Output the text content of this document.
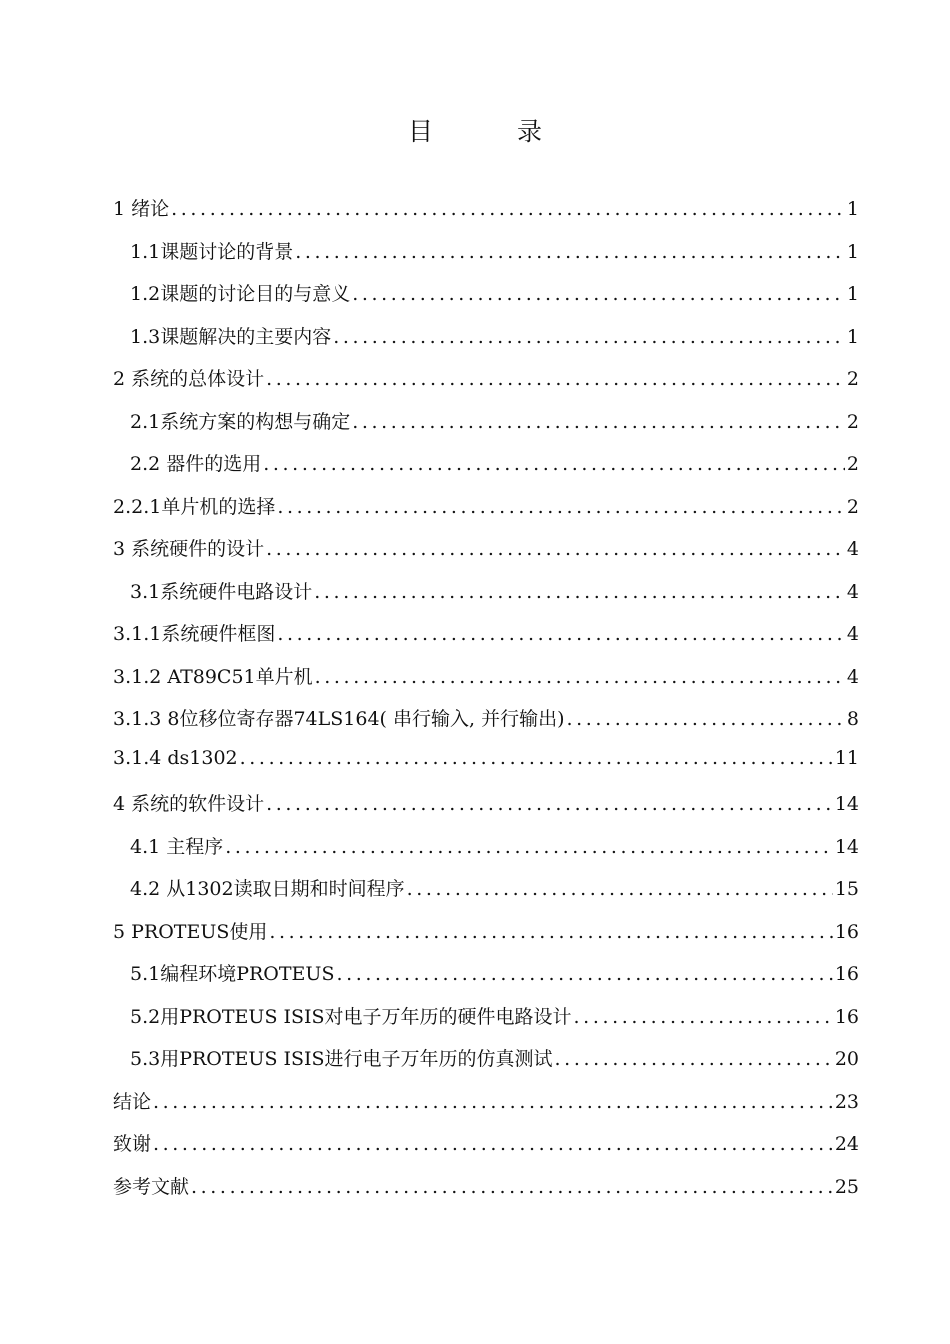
目	录
1 绪论 .....	1
1.1课题讨论的背景 .....	1
1.2课题的讨论目的与意义 .....	1
1.3课题解决的主要内容 .....	1
2 系统的总体设计 .....	2
2.1系统方案的构想与确定 .....	2
2.2 器件的选用 .....	2
2.2.1单片机的选择 .....	2
3 系统硬件的设计 .....	4
3.1系统硬件电路设计 .....	4
3.1.1系统硬件框图 .....	4
3.1.2 AT89C51单片机 .....	4
3.1.3 8位移位寄存器74LS164( 串行输入, 并行输出) .....	8
3.1.4 ds1302 .....	11
4 系统的软件设计 .....	14
4.1 主程序 .....	14
4.2 从1302读取日期和时间程序 .....	15
5 PROTEUS使用 .....	16
5.1编程环境PROTEUS .....	16
5.2用PROTEUS ISIS对电子万年历的硬件电路设计 .....	16
5.3用PROTEUS ISIS进行电子万年历的仿真测试 .....	20
结论 .....	23
致谢 .....	24
参考文献 .....	25
